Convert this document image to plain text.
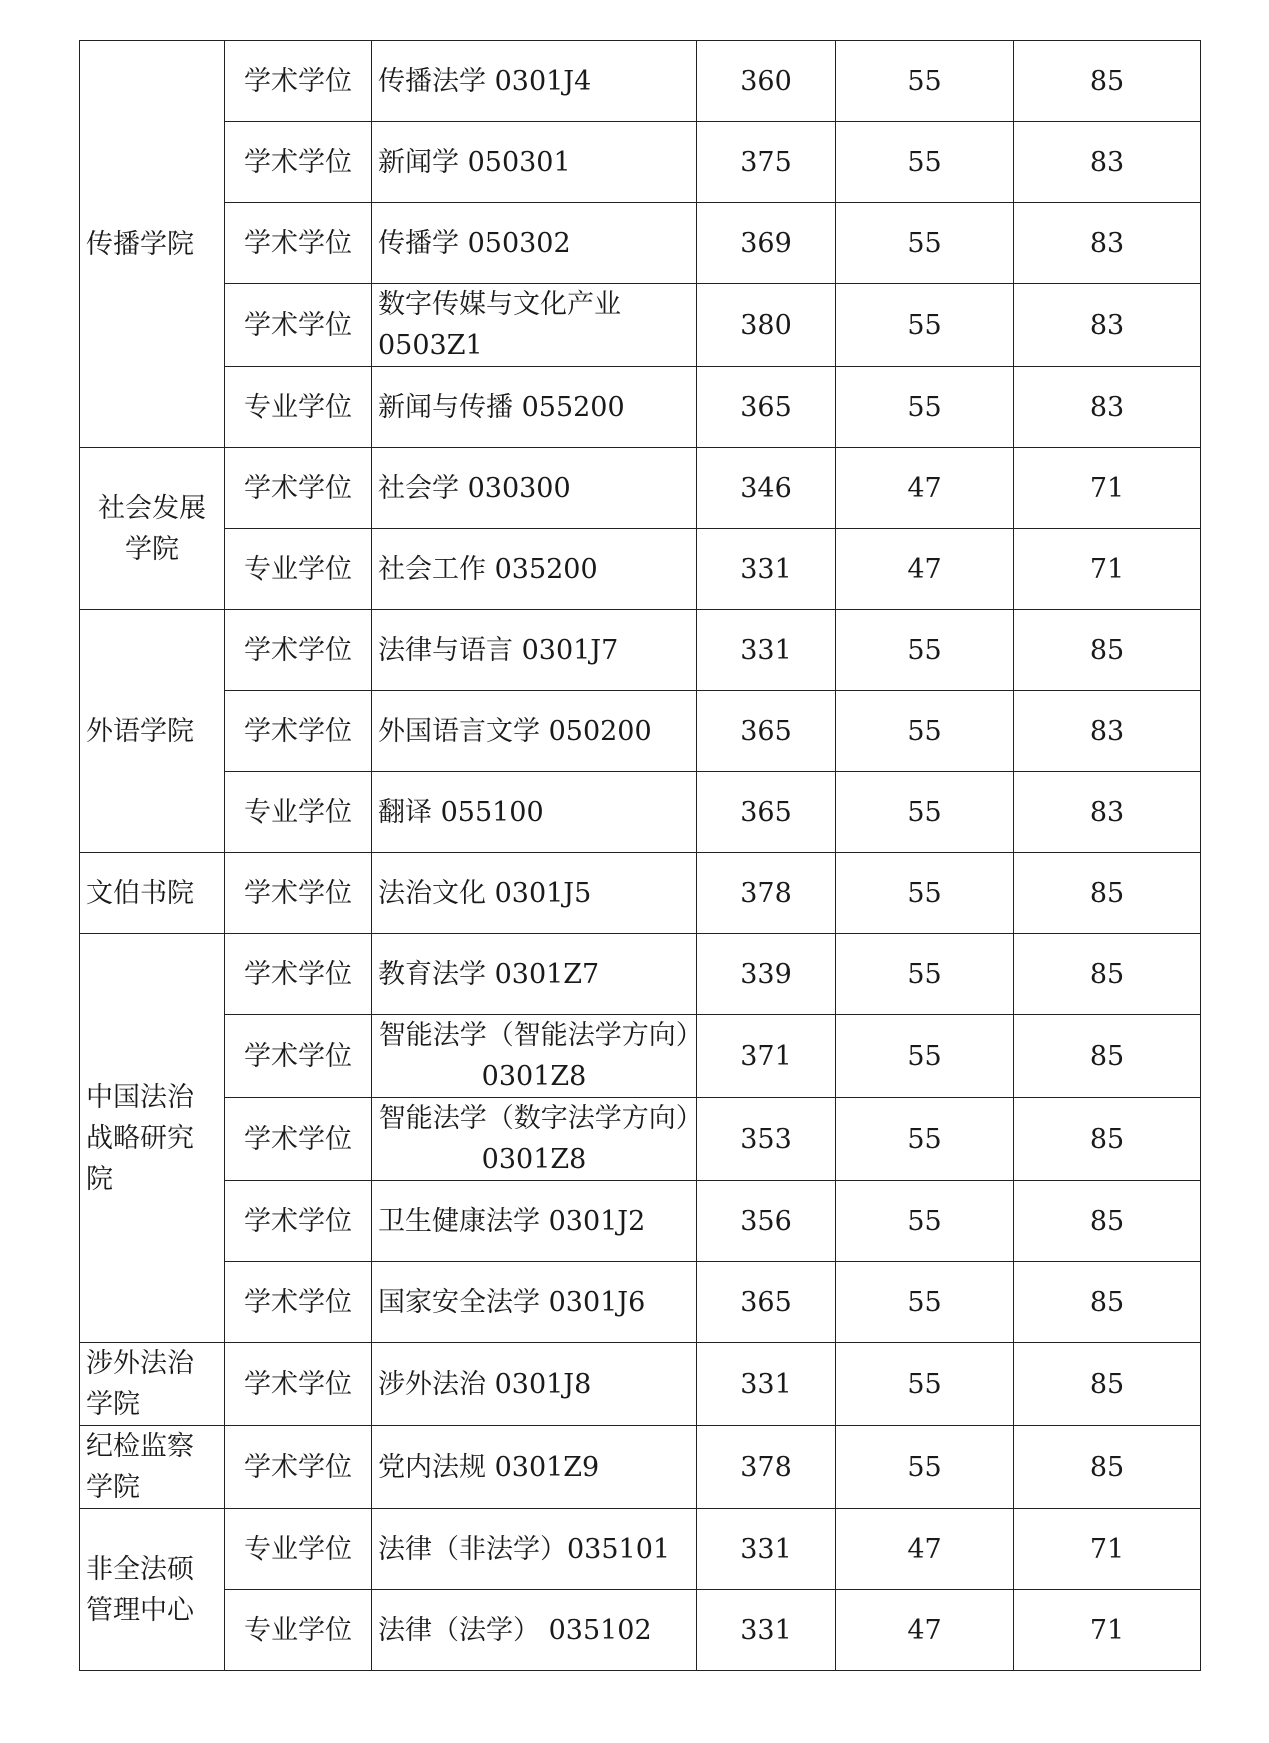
传播学院	学术学位	传播法学 0301J4	360	55	85
	学术学位	新闻学 050301	375	55	83
	学术学位	传播学 050302	369	55	83
	学术学位	数字传媒与文化产业0503Z1	380	55	83
	专业学位	新闻与传播 055200	365	55	83
社会发展学院	学术学位	社会学 030300	346	47	71
	专业学位	社会工作 035200	331	47	71
外语学院	学术学位	法律与语言 0301J7	331	55	85
	学术学位	外国语言文学 050200	365	55	83
	专业学位	翻译 055100	365	55	83
文伯书院	学术学位	法治文化 0301J5	378	55	85
中国法治战略研究院	学术学位	教育法学 0301Z7	339	55	85
	学术学位	智能法学（智能法学方向）0301Z8	371	55	85
	学术学位	智能法学（数字法学方向）0301Z8	353	55	85
	学术学位	卫生健康法学 0301J2	356	55	85
	学术学位	国家安全法学 0301J6	365	55	85
涉外法治学院	学术学位	涉外法治 0301J8	331	55	85
纪检监察学院	学术学位	党内法规 0301Z9	378	55	85
非全法硕管理中心	专业学位	法律（非法学）035101	331	47	71
	专业学位	法律（法学） 035102	331	47	71
